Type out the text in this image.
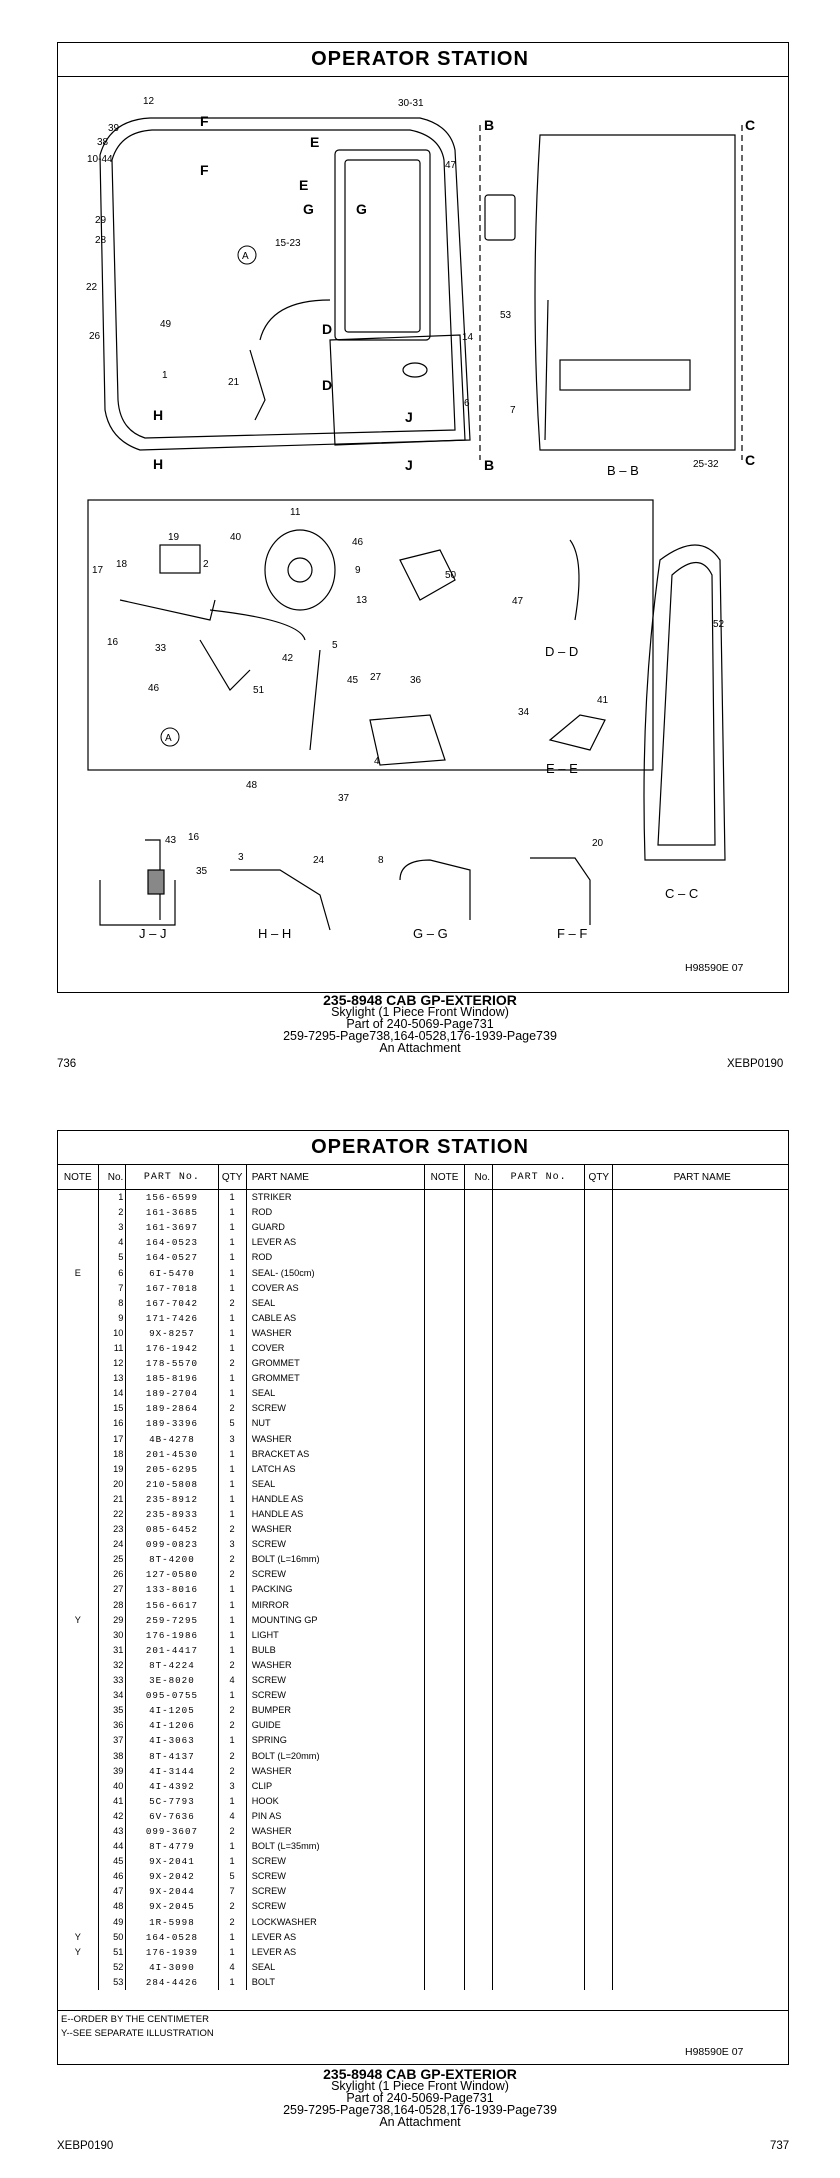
OPERATOR STATION
A
A
12	30-31
39
38
10-44
47
29
28
22
26
49
1
15-23
53
14
21
6
7
25-32
11
19	40	46
18
17
2
50
9
16
33
13	47
42
51
5
52
46
45 27	36
34
41
4
48
37
43 16
35
3	24	8
20
F
F
E
E
G	G
D
D
H
H
J
J
B
B
C
C
B – B
D – D
E – E
C – C
J – J	H – H	G – G	F – F
H98590E 07
235-8948 CAB GP-EXTERIOR
Skylight (1 Piece Front Window)
Part of 240-5069-Page731
259-7295-Page738,164-0528,176-1939-Page739
An Attachment
736	XEBP0190
OPERATOR STATION
NOTE	No.	PART No.	QTY	PART NAME	NOTE	No.	PART No.	QTY	PART NAME
	1	156-6599	1	STRIKER					
	2	161-3685	1	ROD					
	3	161-3697	1	GUARD					
	4	164-0523	1	LEVER AS					
	5	164-0527	1	ROD					
E	6	6I-5470	1	SEAL- (150cm)					
	7	167-7018	1	COVER AS					
	8	167-7042	2	SEAL					
	9	171-7426	1	CABLE AS					
	10	9X-8257	1	WASHER					
	11	176-1942	1	COVER					
	12	178-5570	2	GROMMET					
	13	185-8196	1	GROMMET					
	14	189-2704	1	SEAL					
	15	189-2864	2	SCREW					
	16	189-3396	5	NUT					
	17	4B-4278	3	WASHER					
	18	201-4530	1	BRACKET AS					
	19	205-6295	1	LATCH AS					
	20	210-5808	1	SEAL					
	21	235-8912	1	HANDLE AS					
	22	235-8933	1	HANDLE AS					
	23	085-6452	2	WASHER					
	24	099-0823	3	SCREW					
	25	8T-4200	2	BOLT (L=16mm)					
	26	127-0580	2	SCREW					
	27	133-8016	1	PACKING					
	28	156-6617	1	MIRROR					
Y	29	259-7295	1	MOUNTING GP					
	30	176-1986	1	LIGHT					
	31	201-4417	1	BULB					
	32	8T-4224	2	WASHER					
	33	3E-8020	4	SCREW					
	34	095-0755	1	SCREW					
	35	4I-1205	2	BUMPER					
	36	4I-1206	2	GUIDE					
	37	4I-3063	1	SPRING					
	38	8T-4137	2	BOLT (L=20mm)					
	39	4I-3144	2	WASHER					
	40	4I-4392	3	CLIP					
	41	5C-7793	1	HOOK					
	42	6V-7636	4	PIN AS					
	43	099-3607	2	WASHER					
	44	8T-4779	1	BOLT (L=35mm)					
	45	9X-2041	1	SCREW					
	46	9X-2042	5	SCREW					
	47	9X-2044	7	SCREW					
	48	9X-2045	2	SCREW					
	49	1R-5998	2	LOCKWASHER					
Y	50	164-0528	1	LEVER AS					
Y	51	176-1939	1	LEVER AS					
	52	4I-3090	4	SEAL					
	53	284-4426	1	BOLT					
E--ORDER BY THE CENTIMETER
Y--SEE SEPARATE ILLUSTRATION
H98590E 07
235-8948 CAB GP-EXTERIOR
Skylight (1 Piece Front Window)
Part of 240-5069-Page731
259-7295-Page738,164-0528,176-1939-Page739
An Attachment
XEBP0190	737
